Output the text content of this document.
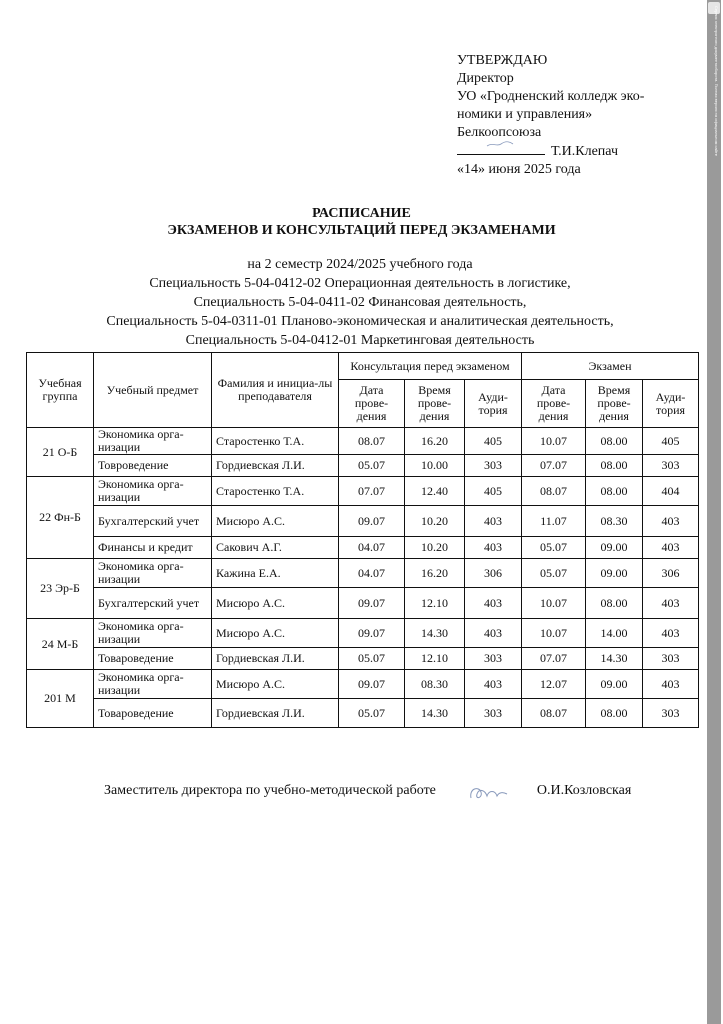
УТВЕРЖДАЮ
Директор
УО «Гродненский колледж эко-
номики и управления»
Белкоопсоюза
Т.И.Клепач
«14» июня 2025 года
РАСПИСАНИЕ
ЭКЗАМЕНОВ И КОНСУЛЬТАЦИЙ ПЕРЕД ЭКЗАМЕНАМИ
на 2 семестр 2024/2025 учебного года
Специальность 5-04-0412-02 Операционная деятельность в логистике,
Специальность 5-04-0411-02 Финансовая деятельность,
Специальность 5-04-0311-01 Планово-экономическая и аналитическая деятельность,
Специальность 5-04-0412-01 Маркетинговая деятельность
Учебная группа	Учебный предмет	Фамилия и инициа-лы преподавателя	Консультация перед экзаменом			Экзамен		
			Дата прове-дения	Время прове-дения	Ауди-тория	Дата прове-дения	Время прове-дения	Ауди-тория
21 О-Б	Экономика орга-низации	Старостенко Т.А.	08.07	16.20	405	10.07	08.00	405
	Товроведение	Гордиевская Л.И.	05.07	10.00	303	07.07	08.00	303
22 Фн-Б	Экономика орга-низации	Старостенко Т.А.	07.07	12.40	405	08.07	08.00	404
	Бухгалтерский учет	Мисюро А.С.	09.07	10.20	403	11.07	08.30	403
	Финансы и кредит	Сакович А.Г.	04.07	10.20	403	05.07	09.00	403
23 Эр-Б	Экономика орга-низации	Кажина Е.А.	04.07	16.20	306	05.07	09.00	306
	Бухгалтерский учет	Мисюро А.С.	09.07	12.10	403	10.07	08.00	403
24 М-Б	Экономика орга-низации	Мисюро А.С.	09.07	14.30	403	10.07	14.00	403
	Товароведение	Гордиевская Л.И.	05.07	12.10	303	07.07	14.30	303
201 М	Экономика орга-низации	Мисюро А.С.	09.07	08.30	403	12.07	09.00	403
	Товароведение	Гордиевская Л.И.	05.07	14.30	303	08.07	08.00	303
Заместитель директора по учебно-методической работе	О.И.Козловская
Сервис электронного документооборота. Полная версия на официальном сайте
